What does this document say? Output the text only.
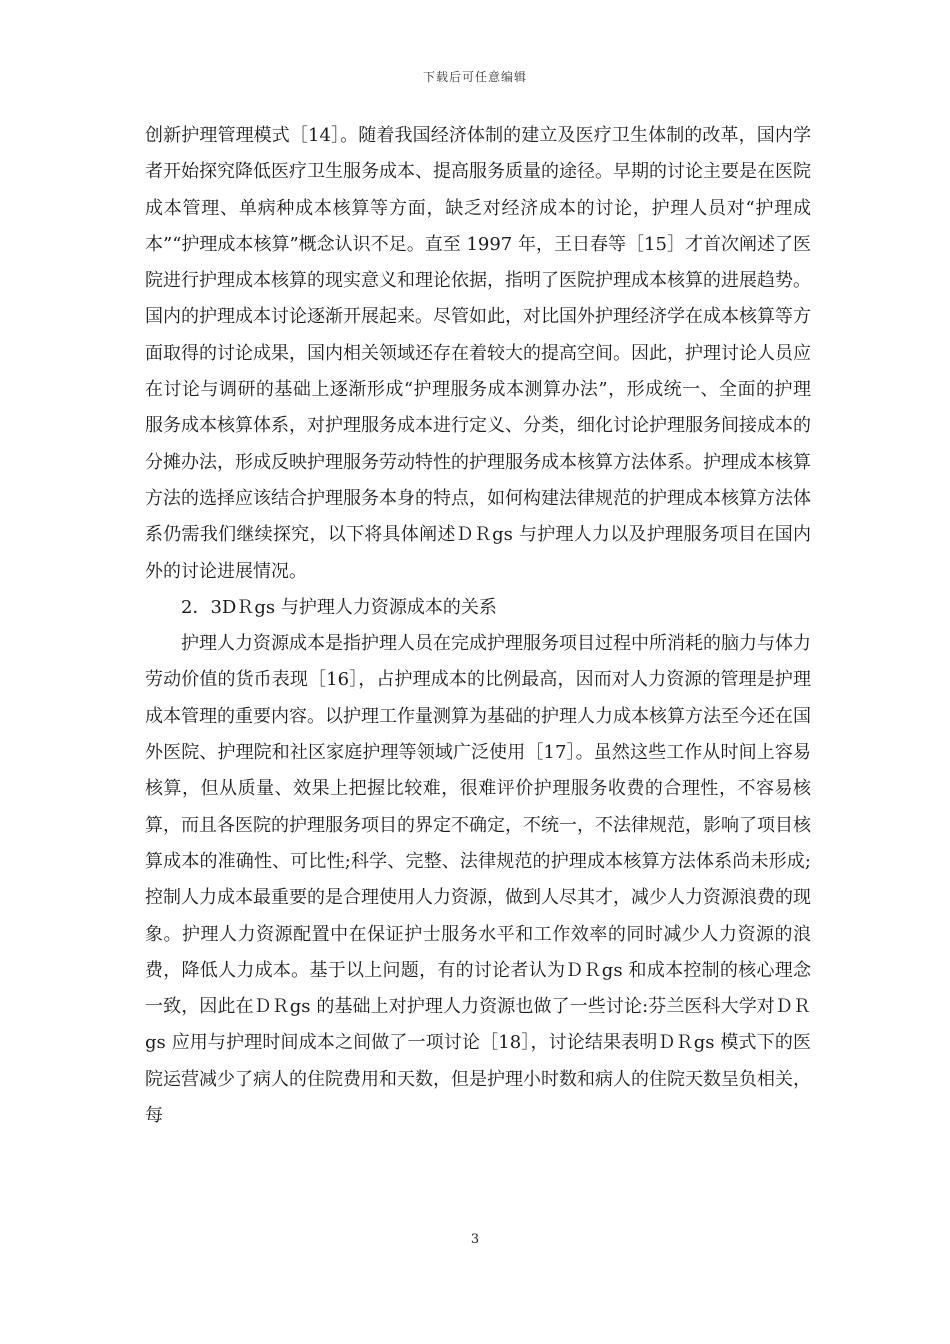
下载后可任意编辑

创新护理管理模式［14］。随着我国经济体制的建立及医疗卫生体制的改革，国内学者开始探究降低医疗卫生服务成本、提高服务质量的途径。早期的讨论主要是在医院成本管理、单病种成本核算等方面，缺乏对经济成本的讨论，护理人员对“护理成本”“护理成本核算”概念认识不足。直至 1997 年，王日春等［15］才首次阐述了医院进行护理成本核算的现实意义和理论依据，指明了医院护理成本核算的进展趋势。国内的护理成本讨论逐渐开展起来。尽管如此，对比国外护理经济学在成本核算等方面取得的讨论成果，国内相关领域还存在着较大的提高空间。因此，护理讨论人员应在讨论与调研的基础上逐渐形成“护理服务成本测算办法”，形成统一、全面的护理服务成本核算体系，对护理服务成本进行定义、分类，细化讨论护理服务间接成本的分摊办法，形成反映护理服务劳动特性的护理服务成本核算方法体系。护理成本核算方法的选择应该结合护理服务本身的特点，如何构建法律规范的护理成本核算方法体系仍需我们继续探究，以下将具体阐述ＤＲgs 与护理人力以及护理服务项目在国内外的讨论进展情况。

2．3DＲgs 与护理人力资源成本的关系

护理人力资源成本是指护理人员在完成护理服务项目过程中所消耗的脑力与体力劳动价值的货币表现［16］，占护理成本的比例最高，因而对人力资源的管理是护理成本管理的重要内容。以护理工作量测算为基础的护理人力成本核算方法至今还在国外医院、护理院和社区家庭护理等领域广泛使用［17］。虽然这些工作从时间上容易核算，但从质量、效果上把握比较难，很难评价护理服务收费的合理性，不容易核算，而且各医院的护理服务项目的界定不确定，不统一，不法律规范，影响了项目核算成本的准确性、可比性;科学、完整、法律规范的护理成本核算方法体系尚未形成;控制人力成本最重要的是合理使用人力资源，做到人尽其才，减少人力资源浪费的现象。护理人力资源配置中在保证护士服务水平和工作效率的同时减少人力资源的浪费，降低人力成本。基于以上问题，有的讨论者认为ＤＲgs 和成本控制的核心理念一致，因此在ＤＲgs 的基础上对护理人力资源也做了一些讨论:芬兰医科大学对ＤＲgs 应用与护理时间成本之间做了一项讨论［18］，讨论结果表明ＤＲgs 模式下的医院运营减少了病人的住院费用和天数，但是护理小时数和病人的住院天数呈负相关，每

3
